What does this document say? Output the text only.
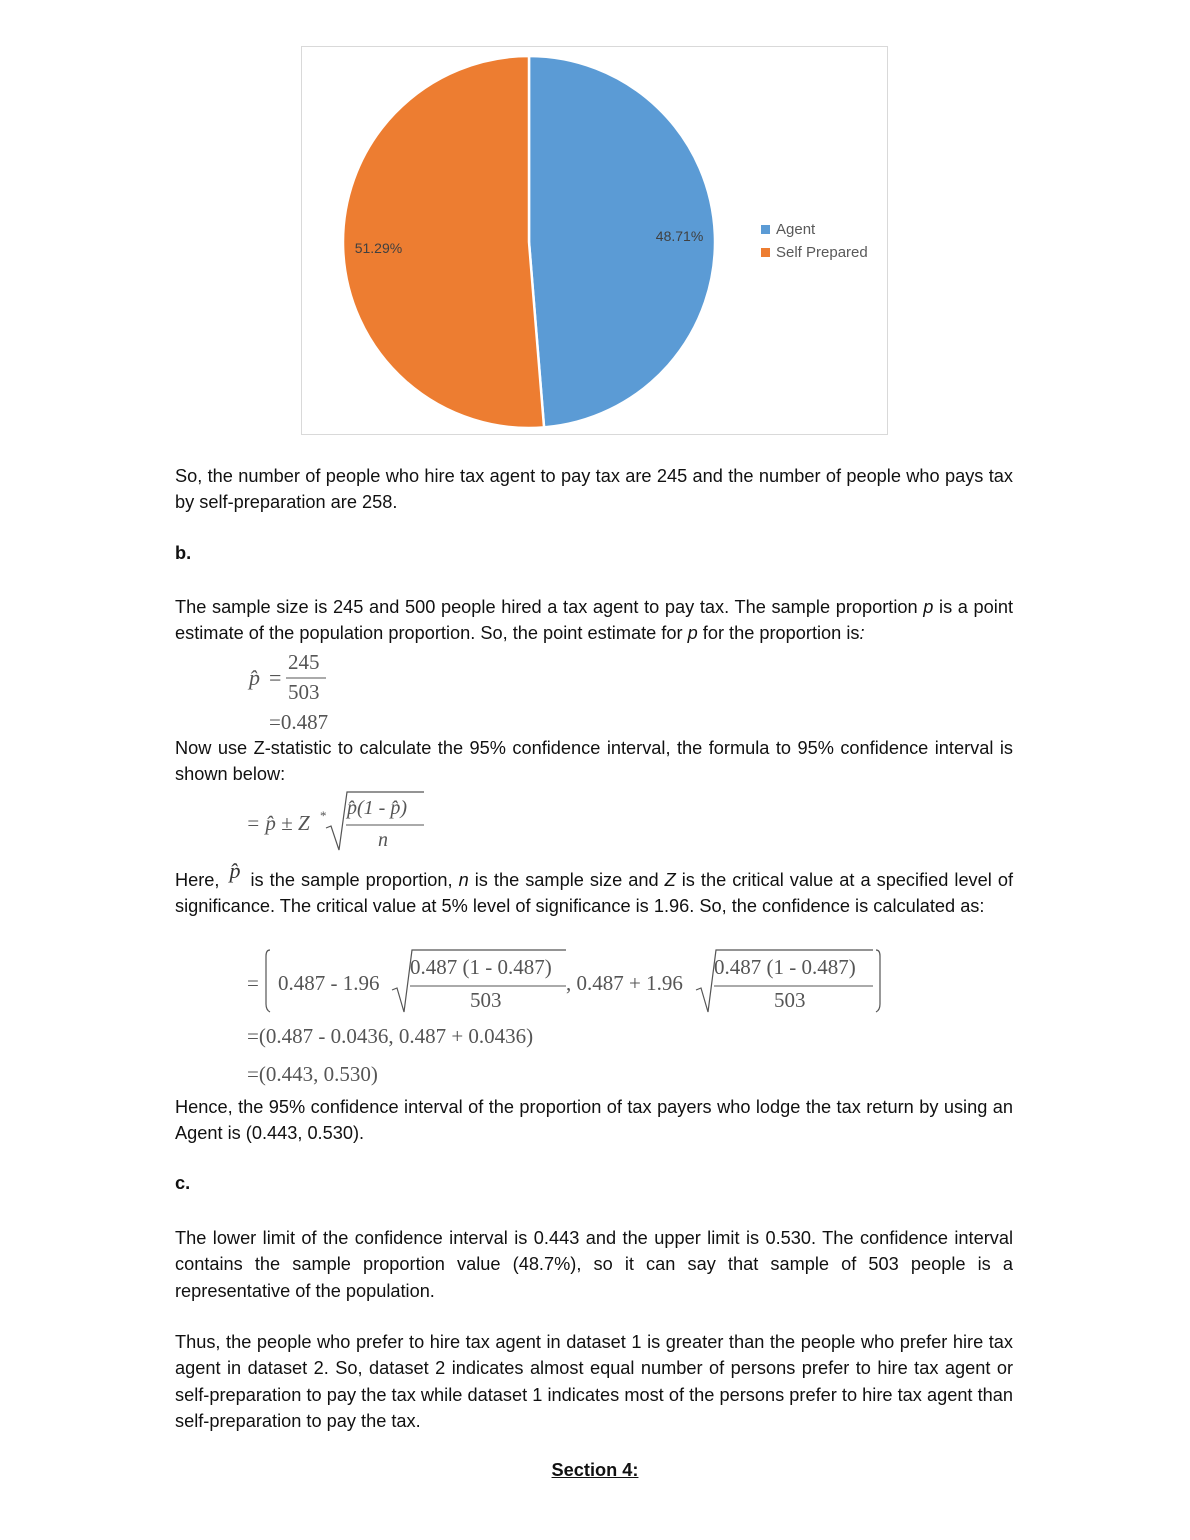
48.71%
51.29%
Agent
Self Prepared

So, the number of people who hire tax agent to pay tax are 245 and the number of people who pays tax by self-preparation are 258.

b.

The sample size is 245 and 500 people hired a tax agent to pay tax. The sample proportion p is a point estimate of the population proportion. So, the point estimate for p for the proportion is:

p̂ =
245
503
=0.487

Now use Z-statistic to calculate the 95% confidence interval, the formula to 95% confidence interval is shown below:

= p̂ ± Z * p̂(1 - p̂)
n

Here, p̂ is the sample proportion, n is the sample size and Z is the critical value at a specified level of significance. The critical value at 5% level of significance is 1.96. So, the confidence is calculated as:

= 0.487 - 1.96
0.487 (1 - 0.487)
503
, 0.487 + 1.96
0.487 (1 - 0.487)
503
=(0.487 - 0.0436, 0.487 + 0.0436)
=(0.443, 0.530)

Hence, the 95% confidence interval of the proportion of tax payers who lodge the tax return by using an Agent is (0.443, 0.530).

c.

The lower limit of the confidence interval is 0.443 and the upper limit is 0.530. The confidence interval contains the sample proportion value (48.7%), so it can say that sample of 503 people is a representative of the population.

Thus, the people who prefer to hire tax agent in dataset 1 is greater than the people who prefer hire tax agent in dataset 2. So, dataset 2 indicates almost equal number of persons prefer to hire tax agent or self-preparation to pay the tax while dataset 1 indicates most of the persons prefer to hire tax agent than self-preparation to pay the tax.

Section 4:
